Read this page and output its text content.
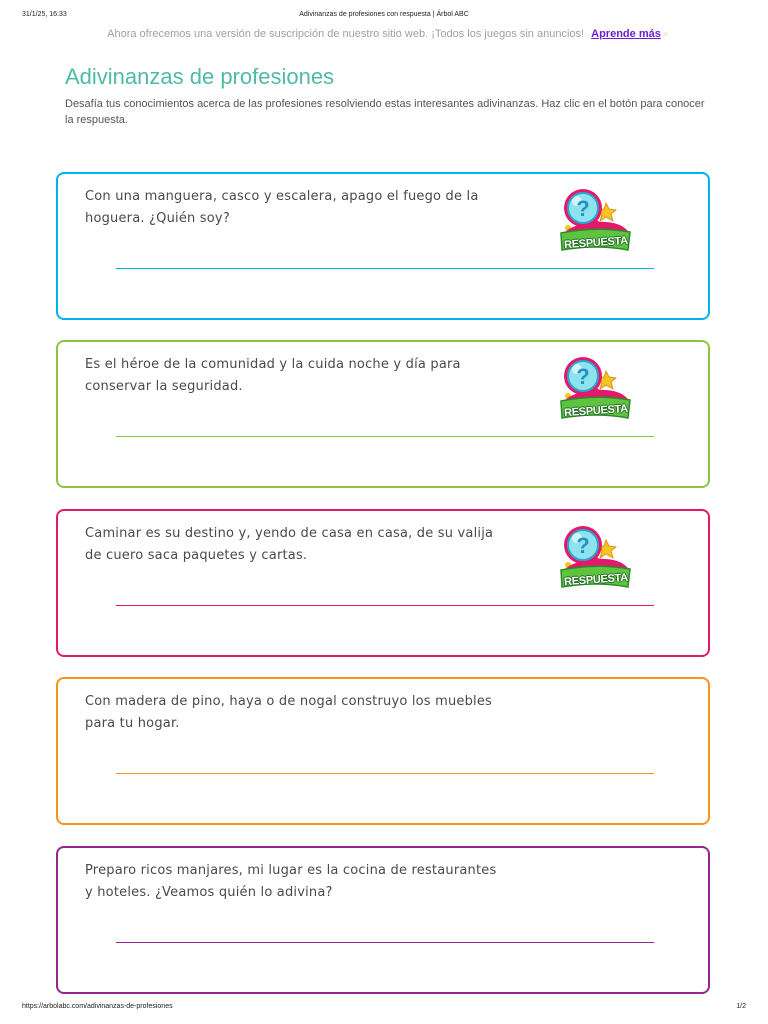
31/1/25, 16:33	Adivinanzas de profesiones con respuesta | Árbol ABC
Ahora ofrecemos una versión de suscripción de nuestro sitio web. ¡Todos los juegos sin anuncios! Aprende más ×
Adivinanzas de profesiones

Desafía tus conocimientos acerca de las profesiones resolviendo estas interesantes adivinanzas. Haz clic en el botón para conocer la respuesta.

Con una manguera, casco y escalera, apago el fuego de la hoguera. ¿Quién soy?	?
RESPUESTA
Es el héroe de la comunidad y la cuida noche y día para conservar la seguridad.	?
RESPUESTA
Caminar es su destino y, yendo de casa en casa, de su valija de cuero saca paquetes y cartas.	?
RESPUESTA
Con madera de pino, haya o de nogal construyo los muebles para tu hogar.
Preparo ricos manjares, mi lugar es la cocina de restaurantes y hoteles. ¿Veamos quién lo adivina?
https://arbolabc.com/adivinanzas-de-profesiones	1/2
